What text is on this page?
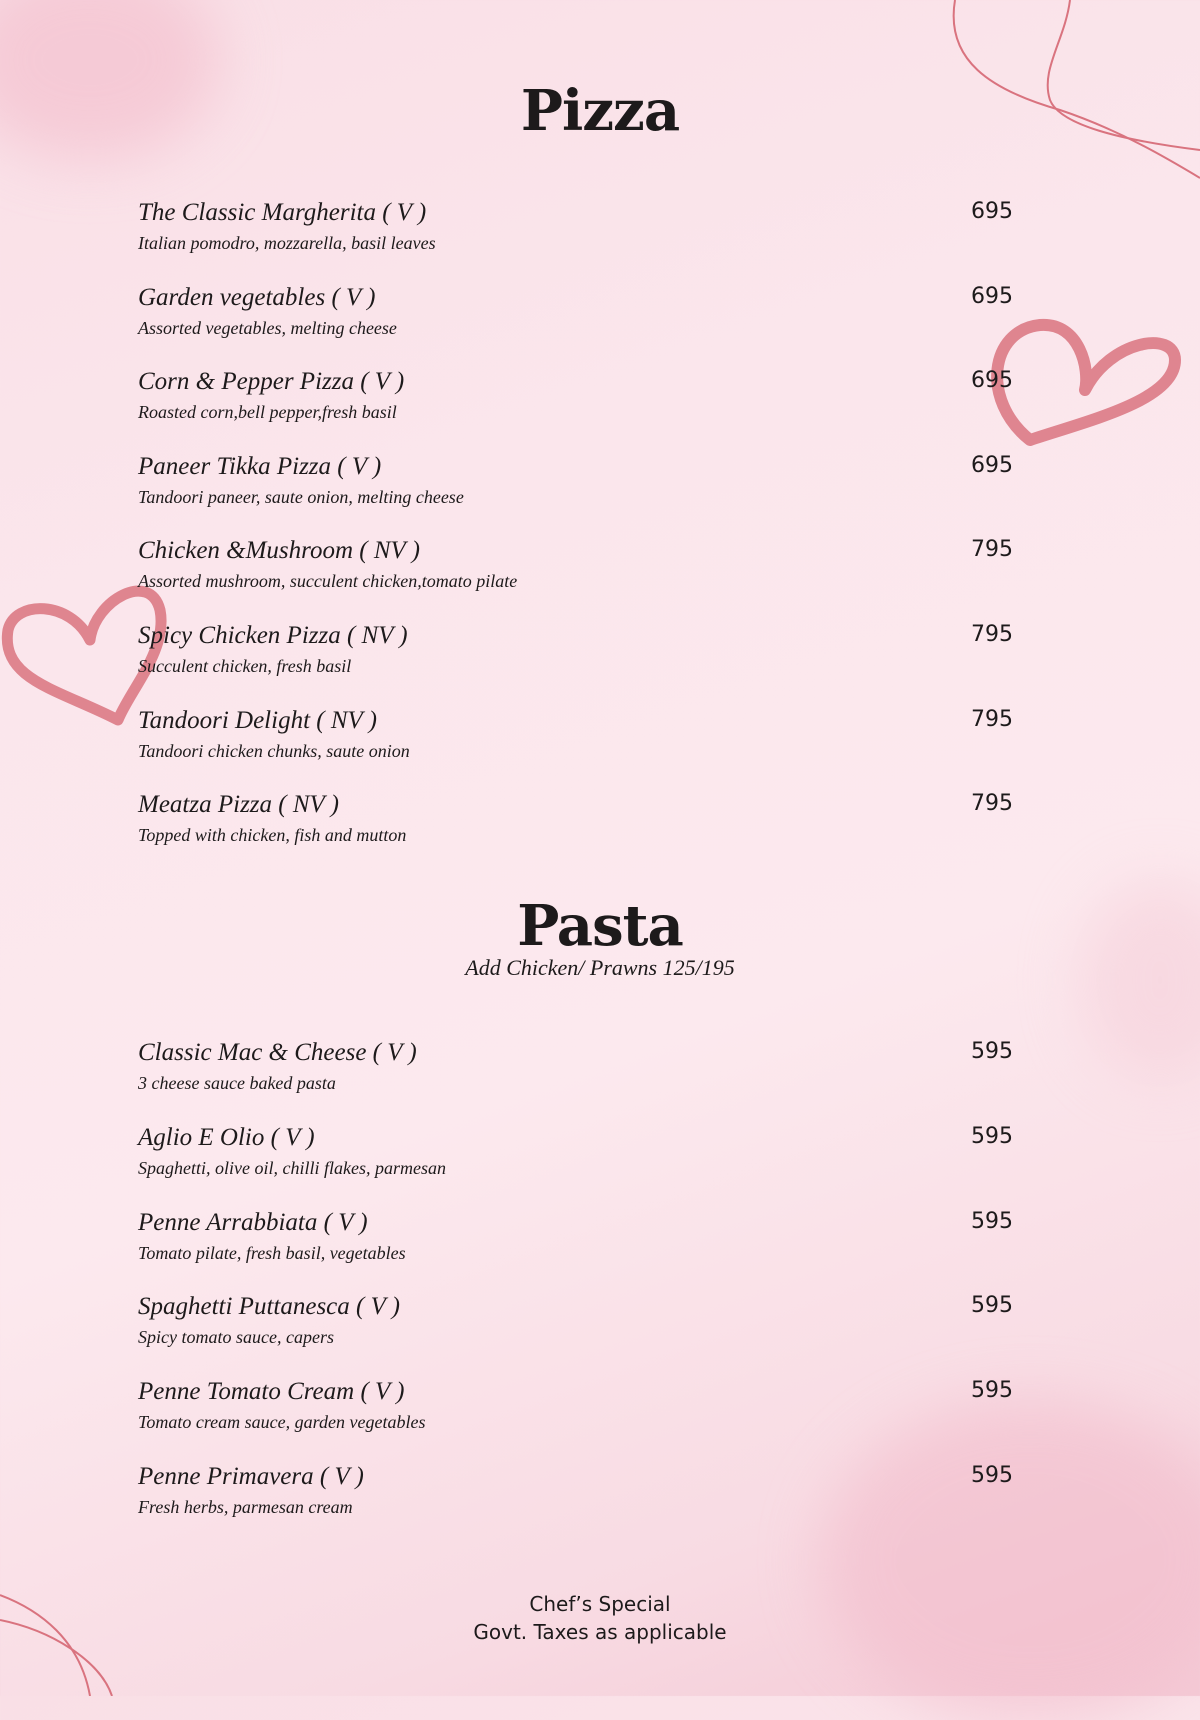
Pizza
The Classic Margherita ( V )
Italian pomodro, mozzarella, basil leaves
695
Garden vegetables ( V )
Assorted vegetables, melting cheese
695
Corn & Pepper Pizza ( V )
Roasted corn,bell pepper,fresh basil
695
Paneer Tikka Pizza ( V )
Tandoori paneer, saute onion, melting cheese
695
Chicken &Mushroom ( NV )
Assorted mushroom, succulent chicken,tomato pilate
795
Spicy Chicken Pizza ( NV )
Succulent chicken, fresh basil
795
Tandoori Delight ( NV )
Tandoori chicken chunks, saute onion
795
Meatza Pizza ( NV )
Topped with chicken, fish and mutton
795
Pasta
Add Chicken/ Prawns 125/195
Classic Mac & Cheese ( V )
3 cheese sauce baked pasta
595
Aglio E Olio ( V )
Spaghetti, olive oil, chilli flakes, parmesan
595
Penne Arrabbiata ( V )
Tomato pilate, fresh basil, vegetables
595
Spaghetti Puttanesca ( V )
Spicy tomato sauce, capers
595
Penne Tomato Cream ( V )
Tomato cream sauce, garden vegetables
595
Penne Primavera ( V )
Fresh herbs, parmesan cream
595
Chef’s Special
Govt. Taxes as applicable
